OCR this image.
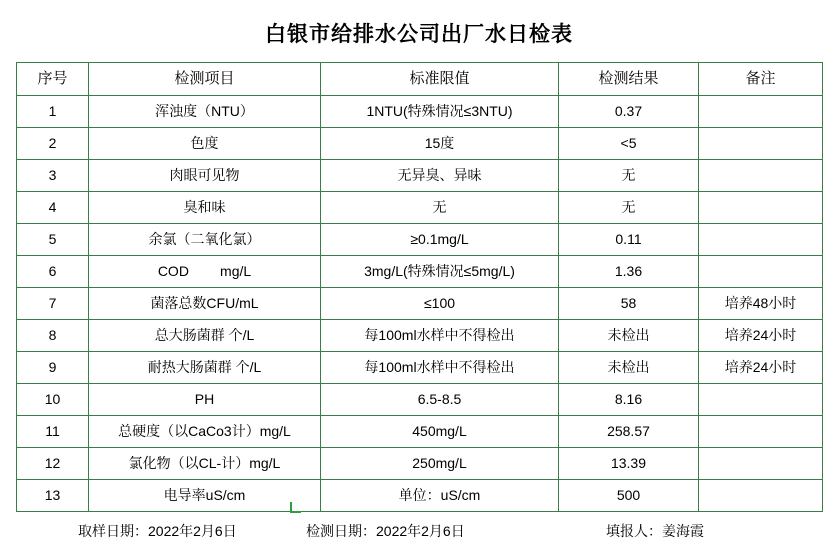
白银市给排水公司出厂水日检表
序号	检测项目	标准限值	检测结果	备注
1	浑浊度（NTU）	1NTU(特殊情况≤3NTU)	0.37	
2	色度	15度	<5	
3	肉眼可见物	无异臭、异味	无	
4	臭和味	无	无	
5	余氯（二氧化氯）	≥0.1mg/L	0.11	
6	COD        mg/L	3mg/L(特殊情况≤5mg/L)	1.36	
7	菌落总数CFU/mL	≤100	58	培养48小时
8	总大肠菌群 个/L	每100ml水样中不得检出	未检出	培养24小时
9	耐热大肠菌群 个/L	每100ml水样中不得检出	未检出	培养24小时
10	PH	6.5-8.5	8.16	
11	总硬度（以CaCo3计）mg/L	450mg/L	258.57	
12	氯化物（以CL-计）mg/L	250mg/L	13.39	
13	电导率uS/cm	单位：uS/cm	500	
取样日期：2022年2月6日	检测日期：2022年2月6日	填报人：姜海霞
